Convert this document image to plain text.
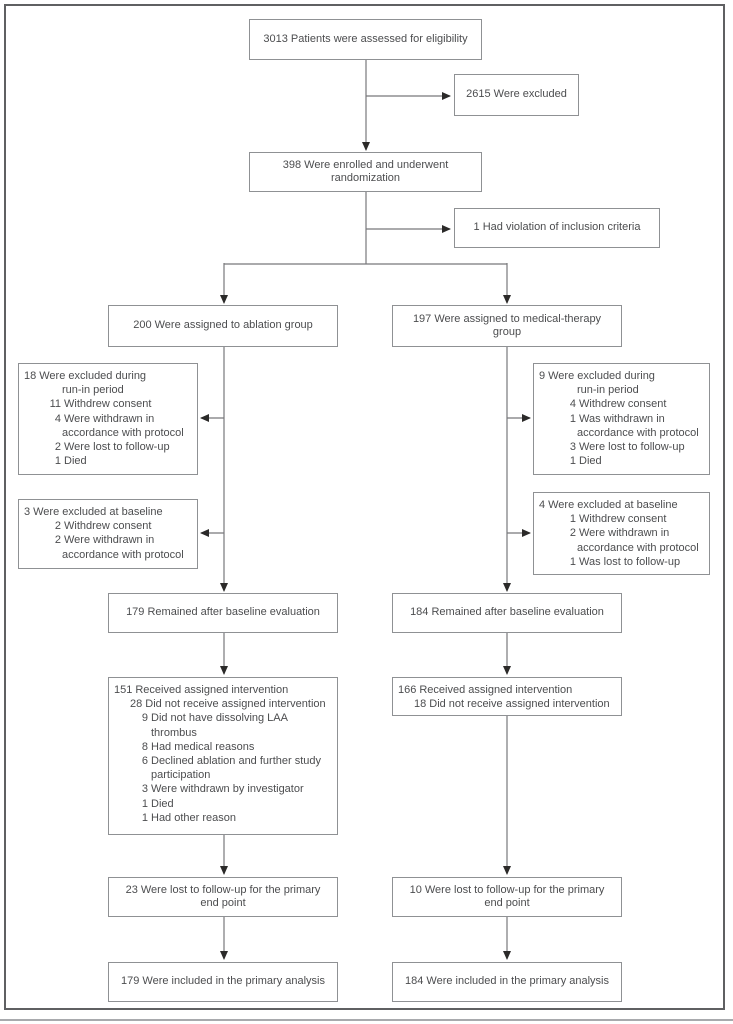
3013 Patients were assessed for eligibility
2615 Were excluded
398 Were enrolled and underwent randomization
1 Had violation of inclusion criteria
200 Were assigned to ablation group
197 Were assigned to medical-therapy group
18 Were excluded during
run-in period
11 Withdrew consent
4 Were withdrawn in
accordance with protocol
2 Were lost to follow-up
1 Died
9 Were excluded during
run-in period
4 Withdrew consent
1 Was withdrawn in
accordance with protocol
3 Were lost to follow-up
1 Died
3 Were excluded at baseline
2 Withdrew consent
2 Were withdrawn in
accordance with protocol
4 Were excluded at baseline
1 Withdrew consent
2 Were withdrawn in
accordance with protocol
1 Was lost to follow-up
179 Remained after baseline evaluation	184 Remained after baseline evaluation
151 Received assigned intervention
28 Did not receive assigned intervention
9 Did not have dissolving LAA
thrombus
8 Had medical reasons
6 Declined ablation and further study
participation
3 Were withdrawn by investigator
1 Died
1 Had other reason
166 Received assigned intervention
18 Did not receive assigned intervention
23 Were lost to follow-up for the primary end point
10 Were lost to follow-up for the primary end point
179 Were included in the primary analysis	184 Were included in the primary analysis
